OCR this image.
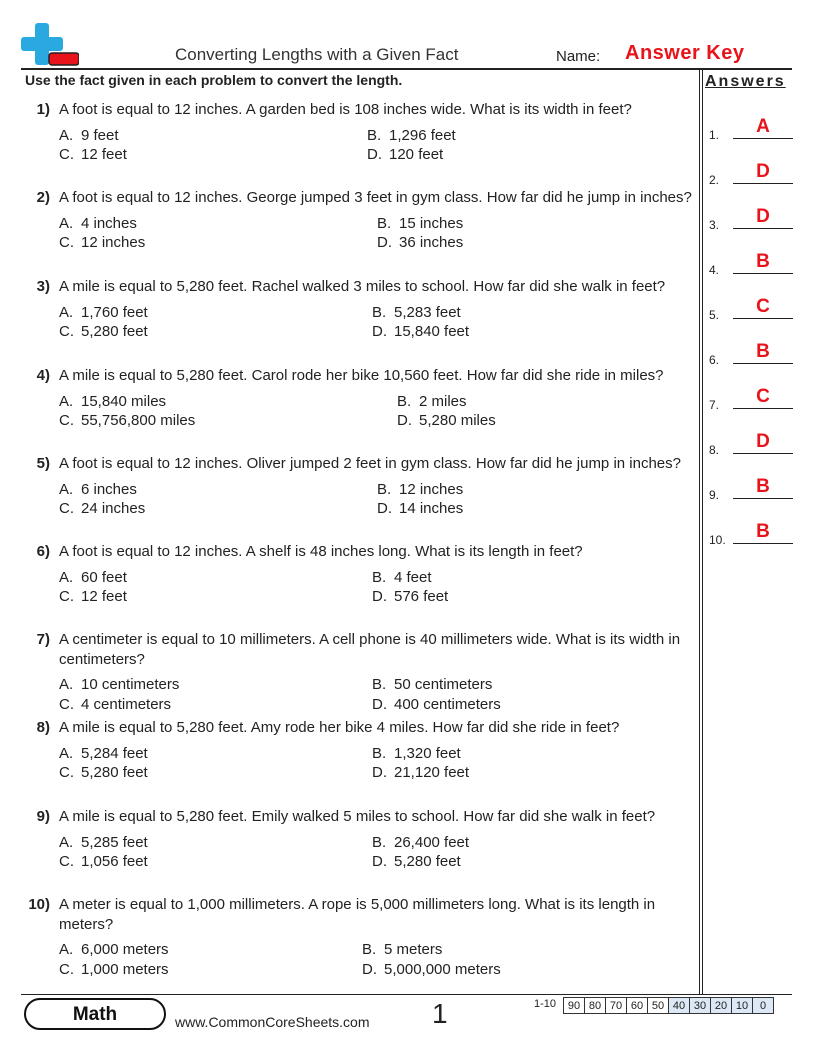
Converting Lengths with a Given Fact	Name: Answer Key
Use the fact given in each problem to convert the length.	Answers
1) A foot is equal to 12 inches. A garden bed is 108 inches wide. What is its width in feet?
A. 9 feet	B. 1,296 feet
C. 12 feet	D. 120 feet
2) A foot is equal to 12 inches. George jumped 3 feet in gym class. How far did he jump in inches?
A. 4 inches	B. 15 inches
C. 12 inches	D. 36 inches
3) A mile is equal to 5,280 feet. Rachel walked 3 miles to school. How far did she walk in feet?
A. 1,760 feet	B. 5,283 feet
C. 5,280 feet	D. 15,840 feet
4) A mile is equal to 5,280 feet. Carol rode her bike 10,560 feet. How far did she ride in miles?
A. 15,840 miles	B. 2 miles
C. 55,756,800 miles	D. 5,280 miles
5) A foot is equal to 12 inches. Oliver jumped 2 feet in gym class. How far did he jump in inches?
A. 6 inches	B. 12 inches
C. 24 inches	D. 14 inches
6) A foot is equal to 12 inches. A shelf is 48 inches long. What is its length in feet?
A. 60 feet	B. 4 feet
C. 12 feet	D. 576 feet
7) A centimeter is equal to 10 millimeters. A cell phone is 40 millimeters wide. What is its width in centimeters?
A. 10 centimeters	B. 50 centimeters
C. 4 centimeters	D. 400 centimeters
8) A mile is equal to 5,280 feet. Amy rode her bike 4 miles. How far did she ride in feet?
A. 5,284 feet	B. 1,320 feet
C. 5,280 feet	D. 21,120 feet
9) A mile is equal to 5,280 feet. Emily walked 5 miles to school. How far did she walk in feet?
A. 5,285 feet	B. 26,400 feet
C. 1,056 feet	D. 5,280 feet
10) A meter is equal to 1,000 millimeters. A rope is 5,000 millimeters long. What is its length in meters?
A. 6,000 meters	B. 5 meters
C. 1,000 meters	D. 5,000,000 meters
1.	A
2.	D
3.	D
4.	B
5.	C
6.	B
7.	C
8.	D
9.	B
10.	B
Math	www.CommonCoreSheets.com 1	1-10 90	80	70	60	50	40	30	20	10	0
